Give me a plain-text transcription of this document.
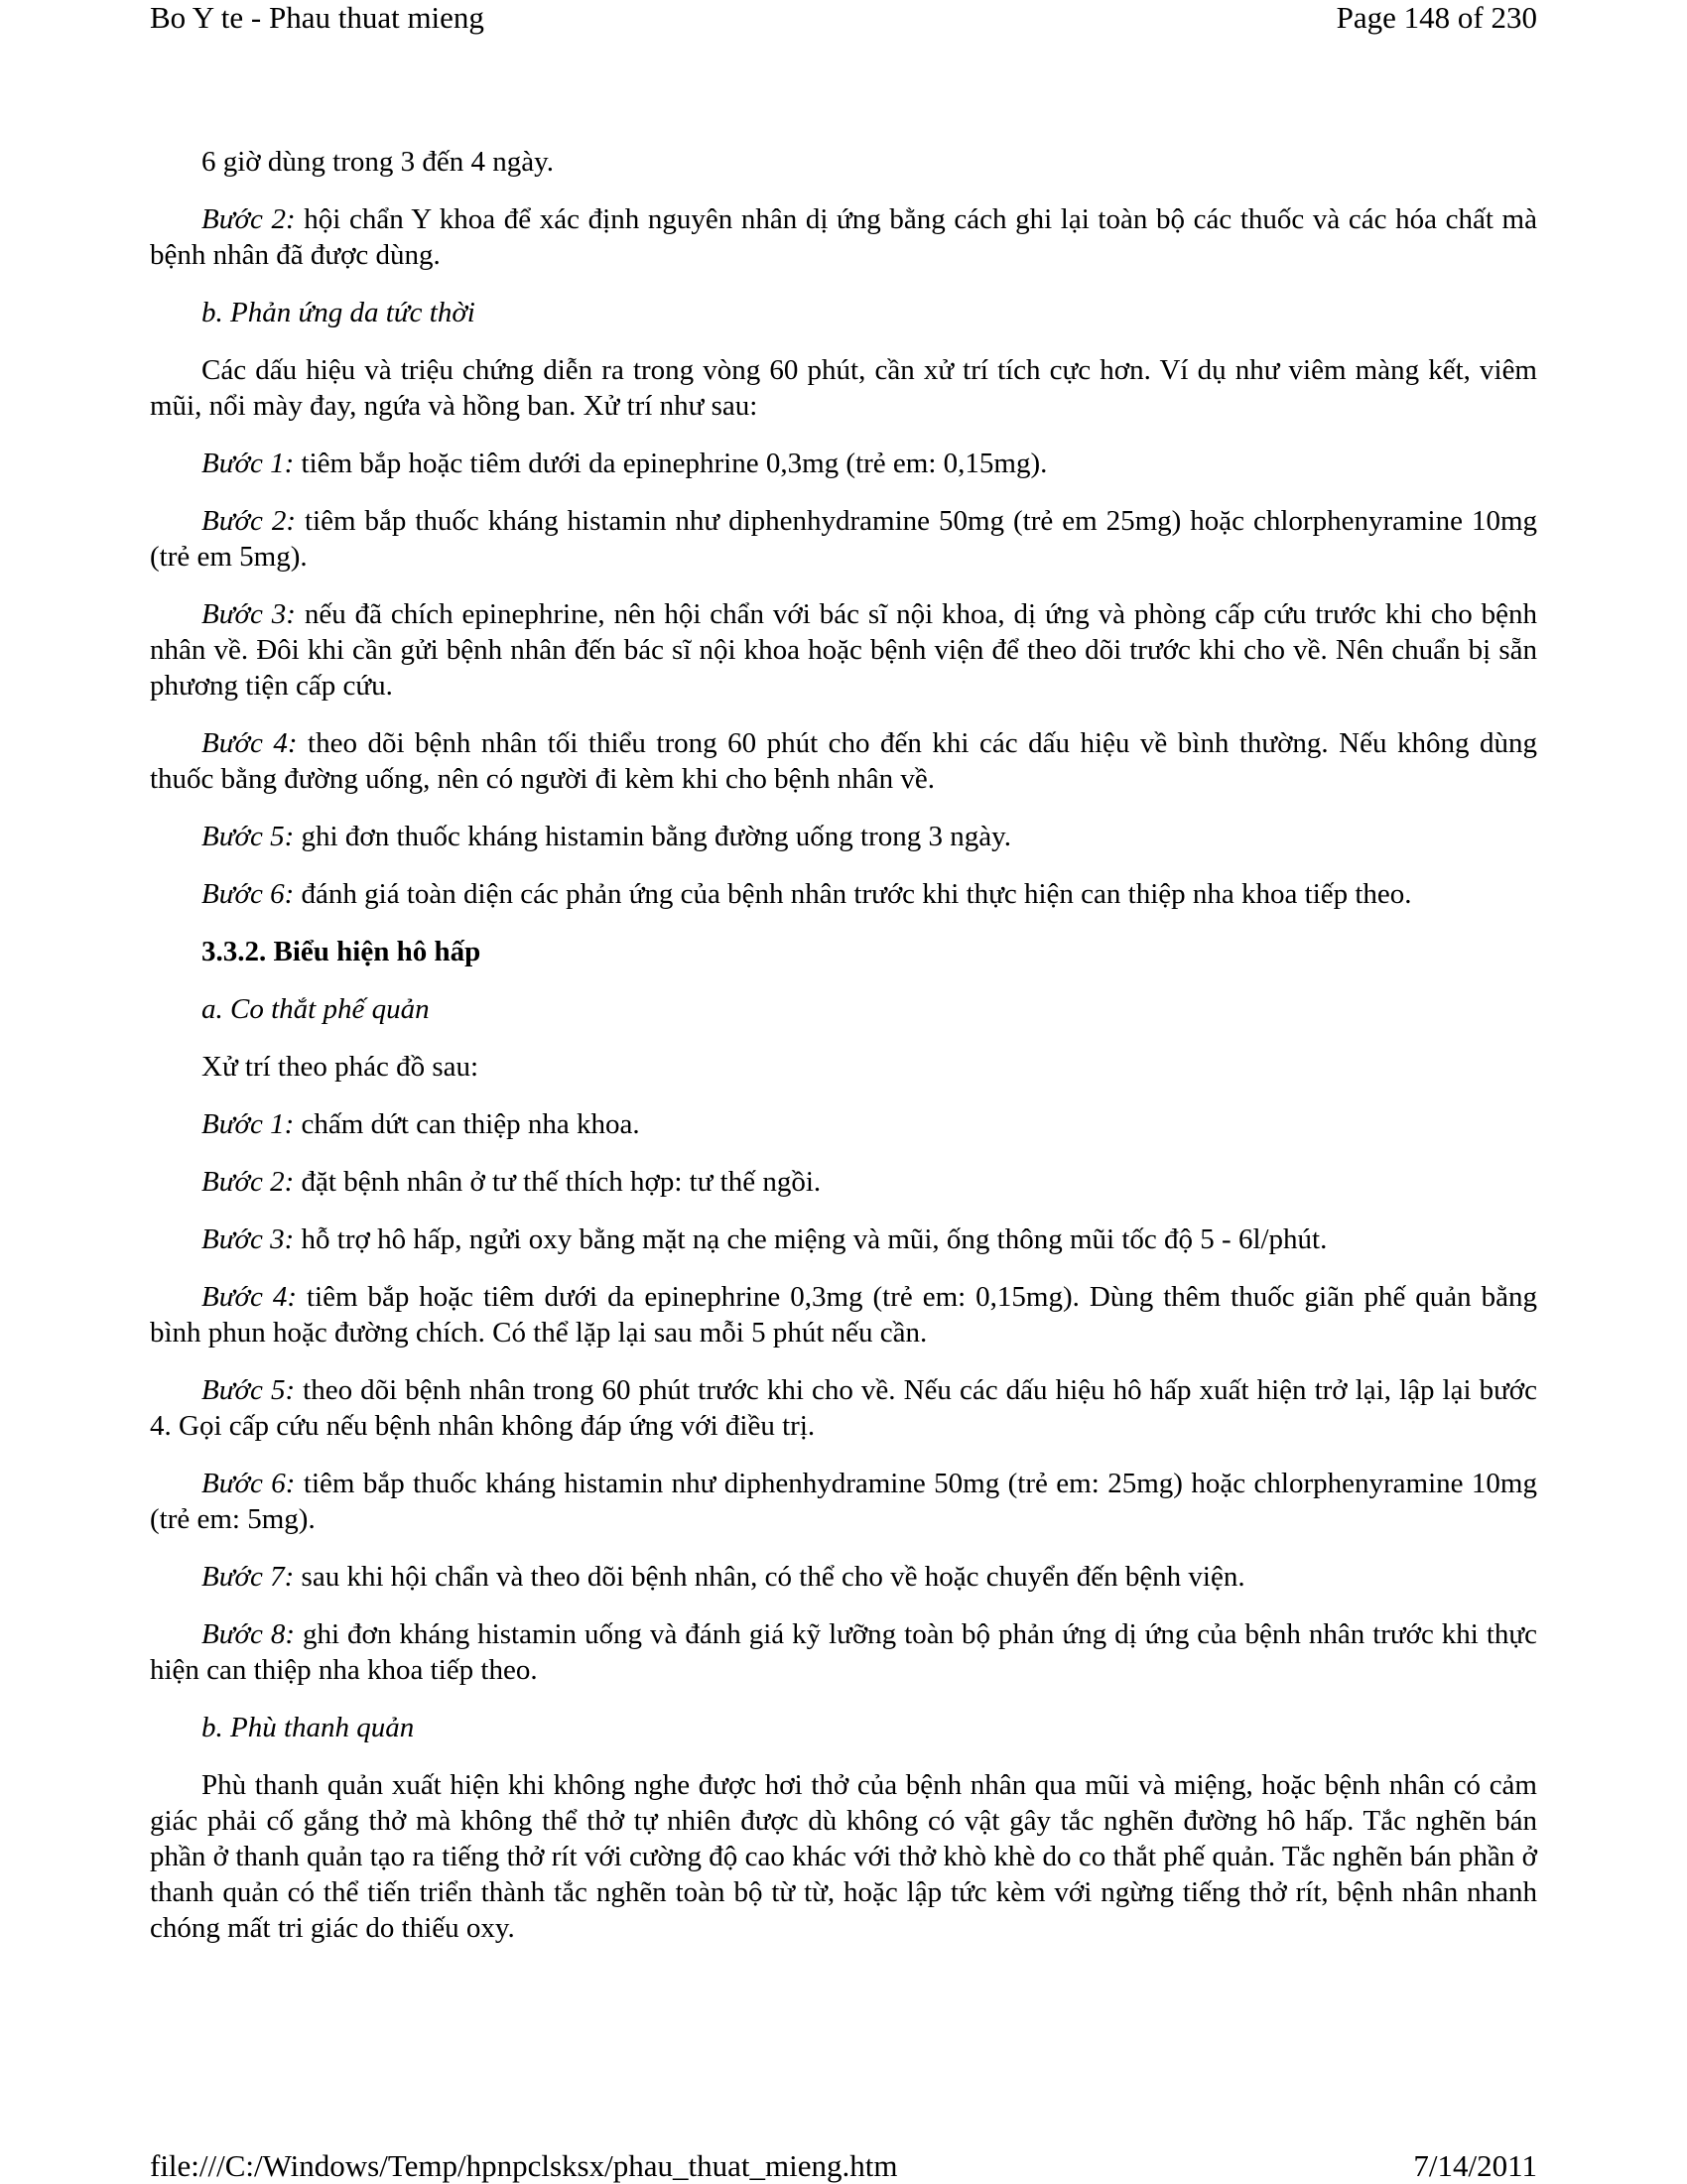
Bo Y te - Phau thuat mieng	Page 148 of 230

6 giờ dùng trong 3 đến 4 ngày.

Bước 2: hội chẩn Y khoa để xác định nguyên nhân dị ứng bằng cách ghi lại toàn bộ các thuốc và các hóa chất mà bệnh nhân đã được dùng.

b. Phản ứng da tức thời

Các dấu hiệu và triệu chứng diễn ra trong vòng 60 phút, cần xử trí tích cực hơn. Ví dụ như viêm màng kết, viêm mũi, nổi mày đay, ngứa và hồng ban. Xử trí như sau:

Bước 1: tiêm bắp hoặc tiêm dưới da epinephrine 0,3mg (trẻ em: 0,15mg).

Bước 2: tiêm bắp thuốc kháng histamin như diphenhydramine 50mg (trẻ em 25mg) hoặc chlorphenyramine 10mg (trẻ em 5mg).

Bước 3: nếu đã chích epinephrine, nên hội chẩn với bác sĩ nội khoa, dị ứng và phòng cấp cứu trước khi cho bệnh nhân về. Đôi khi cần gửi bệnh nhân đến bác sĩ nội khoa hoặc bệnh viện để theo dõi trước khi cho về. Nên chuẩn bị sẵn phương tiện cấp cứu.

Bước 4: theo dõi bệnh nhân tối thiểu trong 60 phút cho đến khi các dấu hiệu về bình thường. Nếu không dùng thuốc bằng đường uống, nên có người đi kèm khi cho bệnh nhân về.

Bước 5: ghi đơn thuốc kháng histamin bằng đường uống trong 3 ngày.

Bước 6: đánh giá toàn diện các phản ứng của bệnh nhân trước khi thực hiện can thiệp nha khoa tiếp theo.

3.3.2. Biểu hiện hô hấp

a. Co thắt phế quản

Xử trí theo phác đồ sau:

Bước 1: chấm dứt can thiệp nha khoa.

Bước 2: đặt bệnh nhân ở tư thế thích hợp: tư thế ngồi.

Bước 3: hỗ trợ hô hấp, ngửi oxy bằng mặt nạ che miệng và mũi, ống thông mũi tốc độ 5 - 6l/phút.

Bước 4: tiêm bắp hoặc tiêm dưới da epinephrine 0,3mg (trẻ em: 0,15mg). Dùng thêm thuốc giãn phế quản bằng bình phun hoặc đường chích. Có thể lặp lại sau mỗi 5 phút nếu cần.

Bước 5: theo dõi bệnh nhân trong 60 phút trước khi cho về. Nếu các dấu hiệu hô hấp xuất hiện trở lại, lập lại bước 4. Gọi cấp cứu nếu bệnh nhân không đáp ứng với điều trị.

Bước 6: tiêm bắp thuốc kháng histamin như diphenhydramine 50mg (trẻ em: 25mg) hoặc chlorphenyramine 10mg (trẻ em: 5mg).

Bước 7: sau khi hội chẩn và theo dõi bệnh nhân, có thể cho về hoặc chuyển đến bệnh viện.

Bước 8: ghi đơn kháng histamin uống và đánh giá kỹ lưỡng toàn bộ phản ứng dị ứng của bệnh nhân trước khi thực hiện can thiệp nha khoa tiếp theo.

b. Phù thanh quản

Phù thanh quản xuất hiện khi không nghe được hơi thở của bệnh nhân qua mũi và miệng, hoặc bệnh nhân có cảm giác phải cố gắng thở mà không thể thở tự nhiên được dù không có vật gây tắc nghẽn đường hô hấp. Tắc nghẽn bán phần ở thanh quản tạo ra tiếng thở rít với cường độ cao khác với thở khò khè do co thắt phế quản. Tắc nghẽn bán phần ở thanh quản có thể tiến triển thành tắc nghẽn toàn bộ từ từ, hoặc lập tức kèm với ngừng tiếng thở rít, bệnh nhân nhanh chóng mất tri giác do thiếu oxy.

file:///C:/Windows/Temp/hpnpclsksx/phau_thuat_mieng.htm	7/14/2011
